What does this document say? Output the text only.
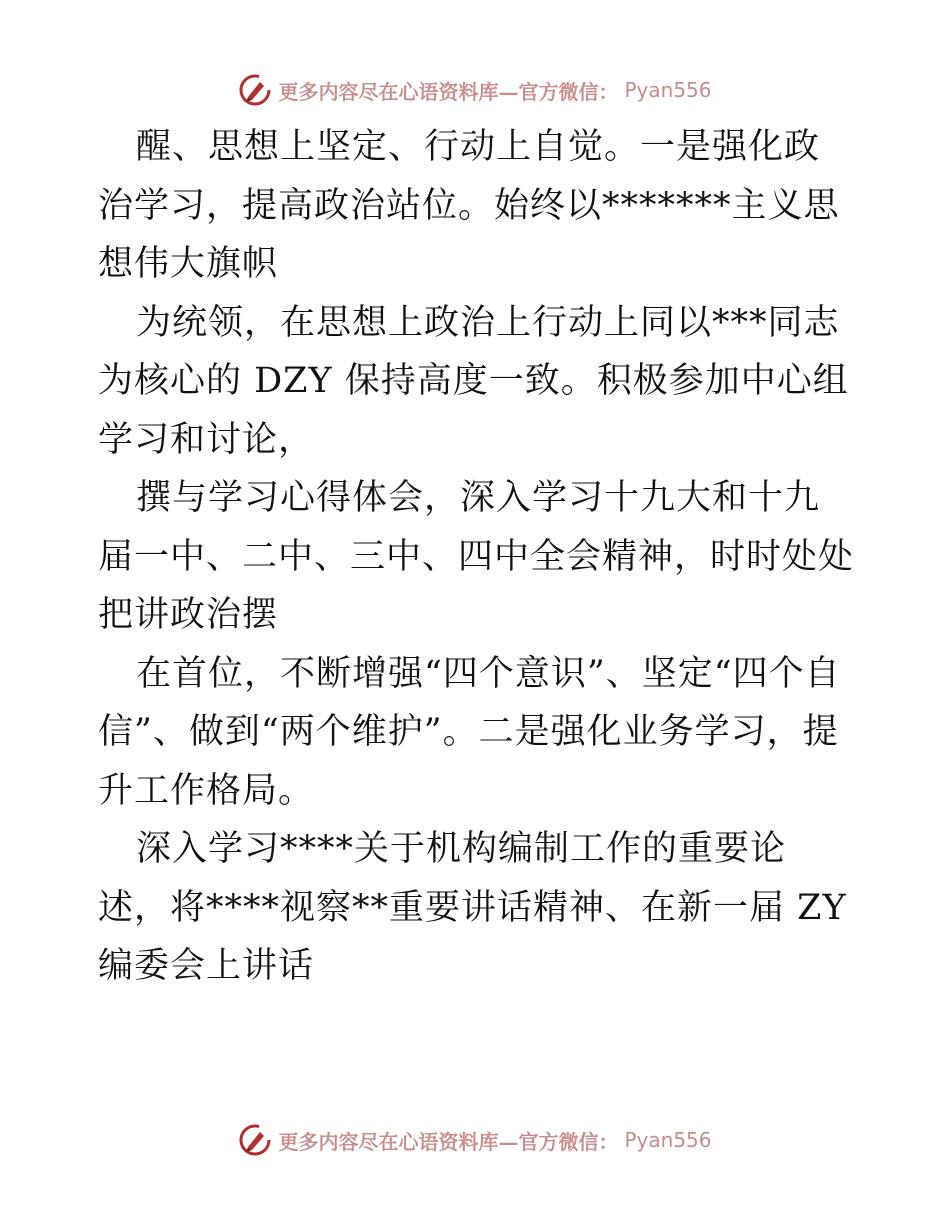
更多内容尽在心语资料库—官方微信： Pyan556

醒、思想上坚定、行动上自觉。一是强化政治学习，提高政治站位。始终以*******主义思想伟大旗帜

为统领，在思想上政治上行动上同以***同志为核心的 DZY 保持高度一致。积极参加中心组学习和讨论，

撰与学习心得体会，深入学习十九大和十九届一中、二中、三中、四中全会精神，时时处处把讲政治摆

在首位，不断增强“四个意识”、坚定“四个自信”、做到“两个维护”。二是强化业务学习，提升工作格局。

深入学习****关于机构编制工作的重要论述，将****视察**重要讲话精神、在新一届 ZY 编委会上讲话

更多内容尽在心语资料库—官方微信： Pyan556
